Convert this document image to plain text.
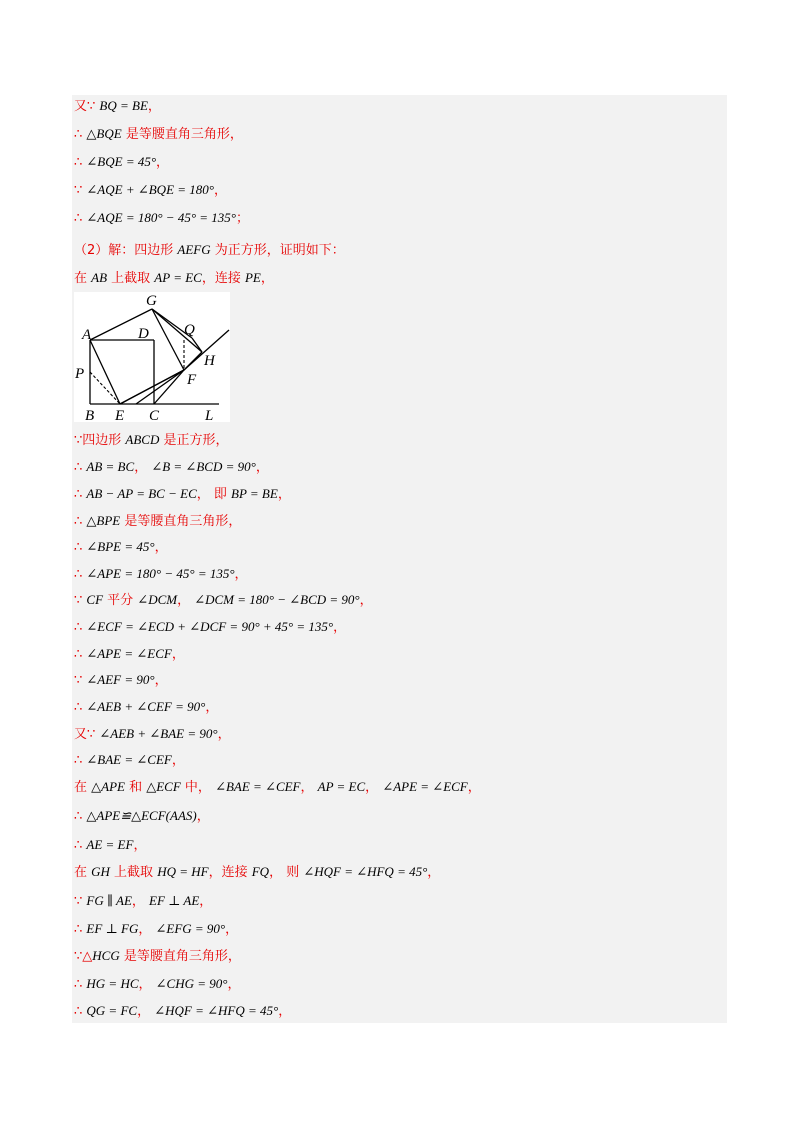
又∵ BQ = BE，
∴ △BQE 是等腰直角三角形，
∴ ∠BQE = 45°，
∵ ∠AQE + ∠BQE = 180°，
∴ ∠AQE = 180° − 45° = 135°；
（2）解：四边形 AEFG 为正方形，证明如下：
在 AB 上截取 AP = EC，连接 PE，
∵四边形 ABCD 是正方形，
∴ AB = BC， ∠B = ∠BCD = 90°，
∴ AB − AP = BC − EC， 即 BP = BE，
∴ △BPE 是等腰直角三角形，
∴ ∠BPE = 45°，
∴ ∠APE = 180° − 45° = 135°，
∵ CF 平分 ∠DCM， ∠DCM = 180° − ∠BCD = 90°，
∴ ∠ECF = ∠ECD + ∠DCF = 90° + 45° = 135°，
∴ ∠APE = ∠ECF，
∵ ∠AEF = 90°，
∴ ∠AEB + ∠CEF = 90°，
又∵ ∠AEB + ∠BAE = 90°，
∴ ∠BAE = ∠CEF，
在 △APE 和 △ECF 中， ∠BAE = ∠CEF， AP = EC， ∠APE = ∠ECF，
∴ △APE≌△ECF(AAS)，
∴ AE = EF，
在 GH 上截取 HQ = HF，连接 FQ， 则 ∠HQF = ∠HFQ = 45°，
∵ FG ∥ AE， EF ⊥ AE，
∴ EF ⊥ FG， ∠EFG = 90°，
∵△HCG 是等腰直角三角形，
∴ HG = HC， ∠CHG = 90°，
∴ QG = FC， ∠HQF = ∠HFQ = 45°，
G
A	D Q
H
P	F
B E C	L
